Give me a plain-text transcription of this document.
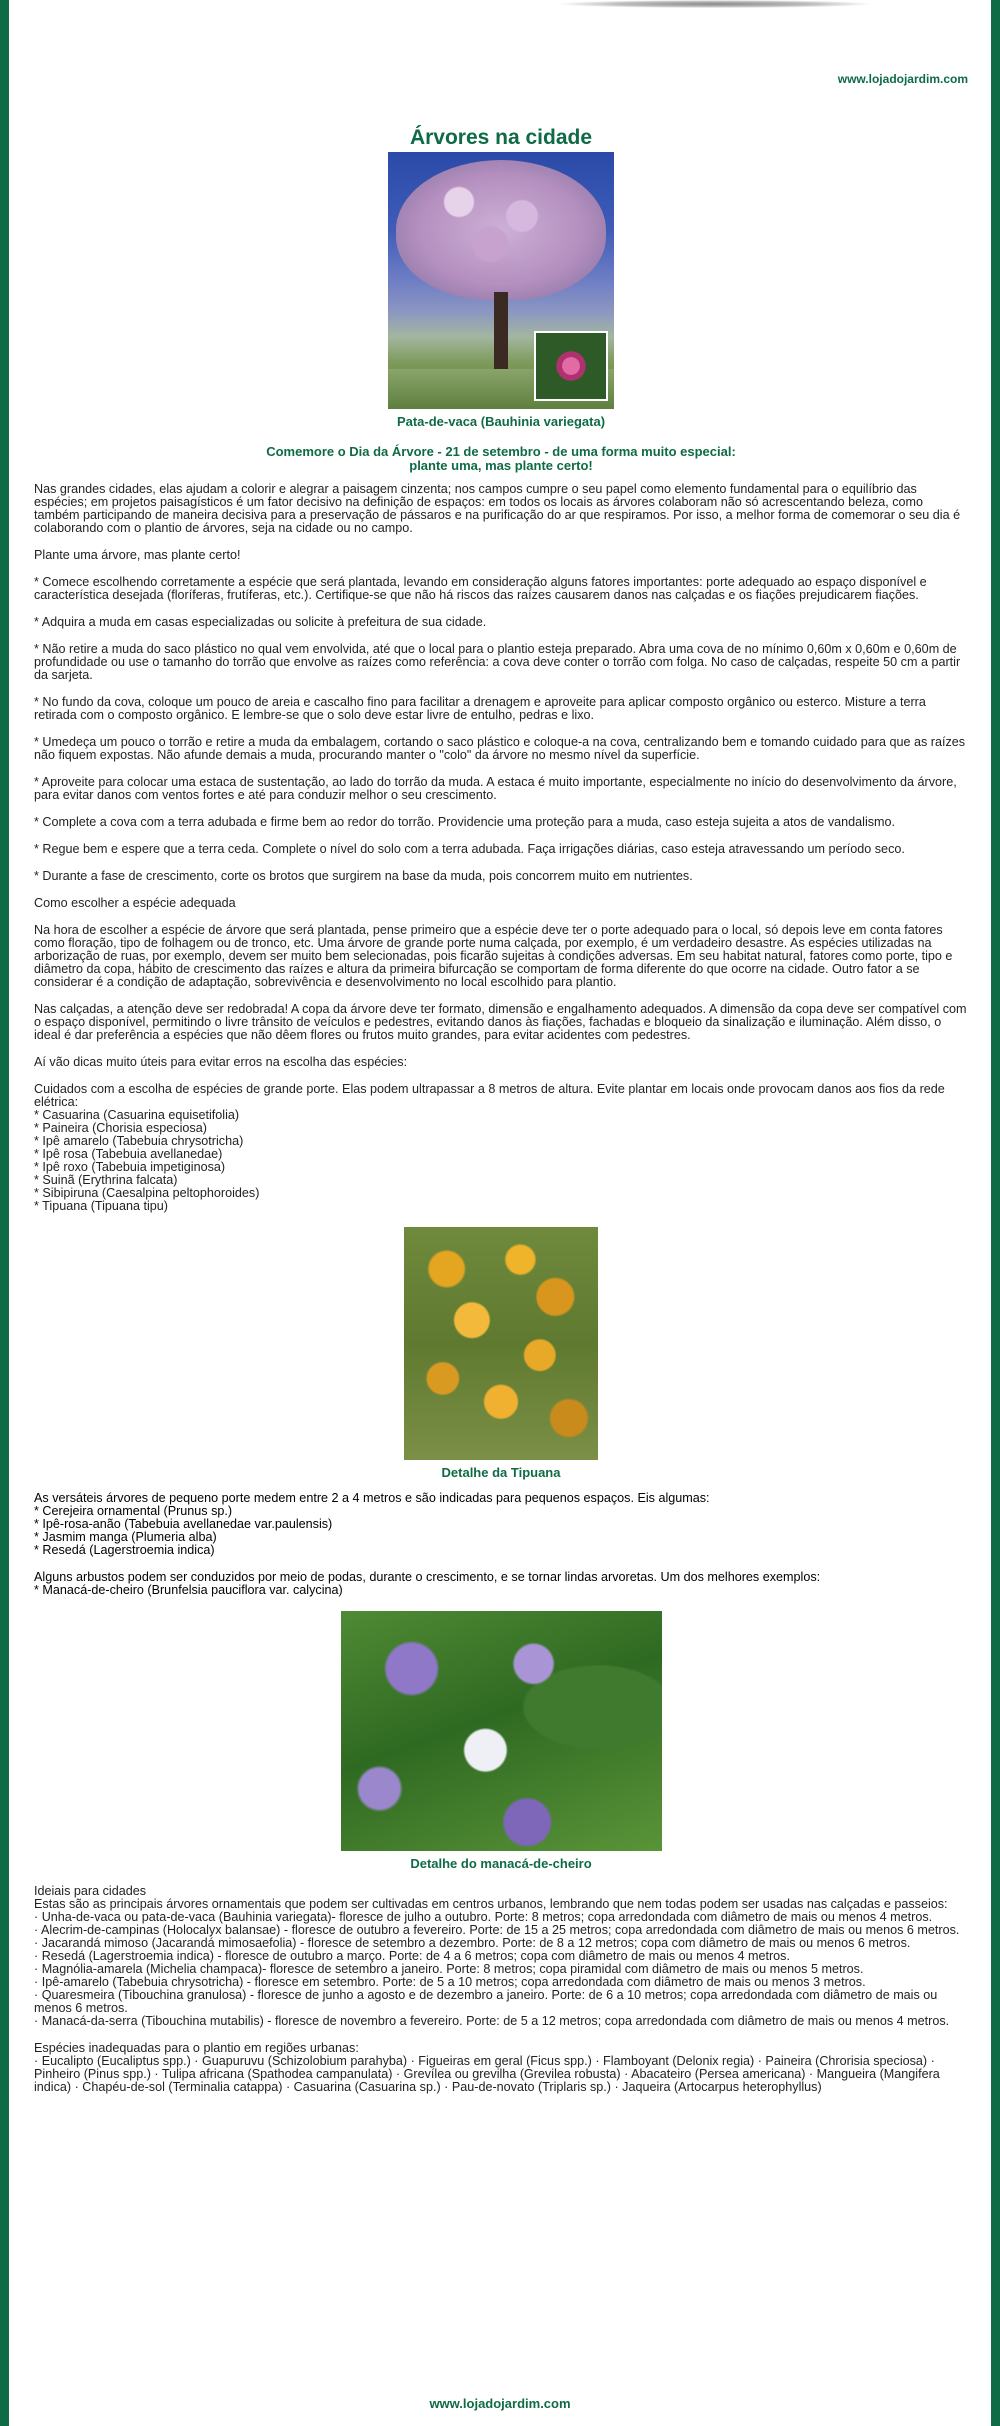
www.lojadojardim.com
Árvores na cidade
Pata-de-vaca (Bauhinia variegata)
Comemore o Dia da Árvore - 21 de setembro - de uma forma muito especial:
plante uma, mas plante certo!

Nas grandes cidades, elas ajudam a colorir e alegrar a paisagem cinzenta; nos campos cumpre o seu papel como elemento fundamental para o equilíbrio das espécies; em projetos paisagísticos é um fator decisivo na definição de espaços: em todos os locais as árvores colaboram não só acrescentando beleza, como também participando de maneira decisiva para a preservação de pássaros e na purificação do ar que respiramos. Por isso, a melhor forma de comemorar o seu dia é colaborando com o plantio de árvores, seja na cidade ou no campo.

Plante uma árvore, mas plante certo!

* Comece escolhendo corretamente a espécie que será plantada, levando em consideração alguns fatores importantes: porte adequado ao espaço disponível e característica desejada (floríferas, frutíferas, etc.). Certifique-se que não há riscos das raízes causarem danos nas calçadas e os fiações prejudicarem fiações.

* Adquira a muda em casas especializadas ou solicite à prefeitura de sua cidade.

* Não retire a muda do saco plástico no qual vem envolvida, até que o local para o plantio esteja preparado. Abra uma cova de no mínimo 0,60m x 0,60m e 0,60m de profundidade ou use o tamanho do torrão que envolve as raízes como referência: a cova deve conter o torrão com folga. No caso de calçadas, respeite 50 cm a partir da sarjeta.

* No fundo da cova, coloque um pouco de areia e cascalho fino para facilitar a drenagem e aproveite para aplicar composto orgânico ou esterco. Misture a terra retirada com o composto orgânico. E lembre-se que o solo deve estar livre de entulho, pedras e lixo.

* Umedeça um pouco o torrão e retire a muda da embalagem, cortando o saco plástico e coloque-a na cova, centralizando bem e tomando cuidado para que as raízes não fiquem expostas. Não afunde demais a muda, procurando manter o "colo" da árvore no mesmo nível da superfície.

* Aproveite para colocar uma estaca de sustentação, ao lado do torrão da muda. A estaca é muito importante, especialmente no início do desenvolvimento da árvore, para evitar danos com ventos fortes e até para conduzir melhor o seu crescimento.

* Complete a cova com a terra adubada e firme bem ao redor do torrão. Providencie uma proteção para a muda, caso esteja sujeita a atos de vandalismo.

* Regue bem e espere que a terra ceda. Complete o nível do solo com a terra adubada. Faça irrigações diárias, caso esteja atravessando um período seco.

* Durante a fase de crescimento, corte os brotos que surgirem na base da muda, pois concorrem muito em nutrientes.

Como escolher a espécie adequada

Na hora de escolher a espécie de árvore que será plantada, pense primeiro que a espécie deve ter o porte adequado para o local, só depois leve em conta fatores como floração, tipo de folhagem ou de tronco, etc. Uma árvore de grande porte numa calçada, por exemplo, é um verdadeiro desastre. As espécies utilizadas na arborização de ruas, por exemplo, devem ser muito bem selecionadas, pois ficarão sujeitas à condições adversas. Em seu habitat natural, fatores como porte, tipo e diâmetro da copa, hábito de crescimento das raízes e altura da primeira bifurcação se comportam de forma diferente do que ocorre na cidade. Outro fator a se considerar é a condição de adaptação, sobrevivência e desenvolvimento no local escolhido para plantio.

Nas calçadas, a atenção deve ser redobrada! A copa da árvore deve ter formato, dimensão e engalhamento adequados. A dimensão da copa deve ser compatível com o espaço disponível, permitindo o livre trânsito de veículos e pedestres, evitando danos às fiações, fachadas e bloqueio da sinalização e iluminação. Além disso, o ideal é dar preferência a espécies que não dêem flores ou frutos muito grandes, para evitar acidentes com pedestres.

Aí vão dicas muito úteis para evitar erros na escolha das espécies:

Cuidados com a escolha de espécies de grande porte. Elas podem ultrapassar a 8 metros de altura. Evite plantar em locais onde provocam danos aos fios da rede elétrica:
* Casuarina (Casuarina equisetifolia)
* Paineira (Chorisia especiosa)
* Ipê amarelo (Tabebuia chrysotricha)
* Ipê rosa (Tabebuia avellanedae)
* Ipê roxo (Tabebuia impetiginosa)
* Suinã (Erythrina falcata)
* Sibipiruna (Caesalpina peltophoroides)
* Tipuana (Tipuana tipu)
Detalhe da Tipuana
As versáteis árvores de pequeno porte medem entre 2 a 4 metros e são indicadas para pequenos espaços. Eis algumas:
* Cerejeira ornamental (Prunus sp.)
* Ipê-rosa-anão (Tabebuia avellanedae var.paulensis)
* Jasmim manga (Plumeria alba)
* Resedá (Lagerstroemia indica)
Alguns arbustos podem ser conduzidos por meio de podas, durante o crescimento, e se tornar lindas arvoretas. Um dos melhores exemplos:
* Manacá-de-cheiro (Brunfelsia pauciflora var. calycina)
Detalhe do manacá-de-cheiro
Ideiais para cidades
Estas são as principais árvores ornamentais que podem ser cultivadas em centros urbanos, lembrando que nem todas podem ser usadas nas calçadas e passeios:
· Unha-de-vaca ou pata-de-vaca (Bauhinia variegata)- floresce de julho a outubro. Porte: 8 metros; copa arredondada com diâmetro de mais ou menos 4 metros.
· Alecrim-de-campinas (Holocalyx balansae) - floresce de outubro a fevereiro. Porte: de 15 a 25 metros; copa arredondada com diâmetro de mais ou menos 6 metros.
· Jacarandá mimoso (Jacarandá mimosaefolia) - floresce de setembro a dezembro. Porte: de 8 a 12 metros; copa com diâmetro de mais ou menos 6 metros.
· Resedá (Lagerstroemia indica) - floresce de outubro a março. Porte: de 4 a 6 metros; copa com diâmetro de mais ou menos 4 metros.
· Magnólia-amarela (Michelia champaca)- floresce de setembro a janeiro. Porte: 8 metros; copa piramidal com diâmetro de mais ou menos 5 metros.
· Ipê-amarelo (Tabebuia chrysotricha) - floresce em setembro. Porte: de 5 a 10 metros; copa arredondada com diâmetro de mais ou menos 3 metros.
· Quaresmeira (Tibouchina granulosa) - floresce de junho a agosto e de dezembro a janeiro. Porte: de 6 a 10 metros; copa arredondada com diâmetro de mais ou menos 6 metros.
· Manacá-da-serra (Tibouchina mutabilis) - floresce de novembro a fevereiro. Porte: de 5 a 12 metros; copa arredondada com diâmetro de mais ou menos 4 metros.
Espécies inadequadas para o plantio em regiões urbanas:
· Eucalipto (Eucaliptus spp.) · Guapuruvu (Schizolobium parahyba) · Figueiras em geral (Ficus spp.) · Flamboyant (Delonix regia) · Paineira (Chrorisia speciosa) · Pinheiro (Pinus spp.) · Tulipa africana (Spathodea campanulata) · Grevílea ou grevilha (Grevilea robusta) · Abacateiro (Persea americana) · Mangueira (Mangifera indica) · Chapéu-de-sol (Terminalia catappa) · Casuarina (Casuarina sp.) · Pau-de-novato (Triplaris sp.) · Jaqueira (Artocarpus heterophyllus)
www.lojadojardim.com
